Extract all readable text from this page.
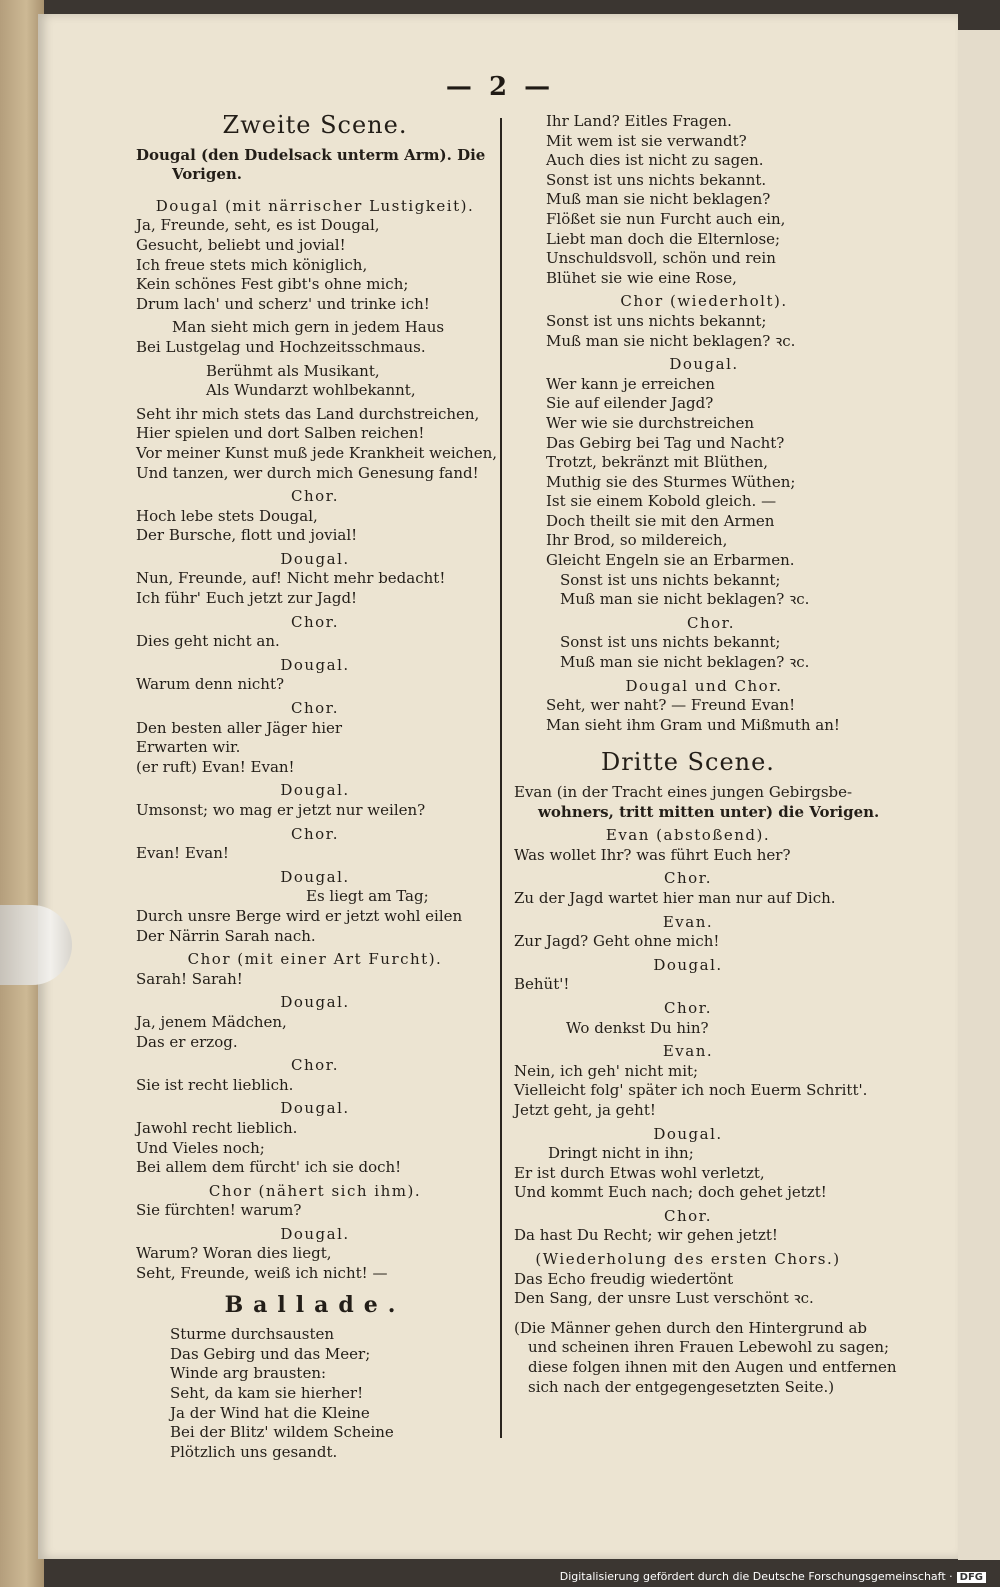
— 2 —
Zweite Scene.
Dougal (den Dudelsack unterm Arm). Die
Vorigen.
Dougal (mit närrischer Lustigkeit).
Ja, Freunde, seht, es ist Dougal,
Gesucht, beliebt und jovial!
Ich freue stets mich königlich,
Kein schönes Fest gibt's ohne mich;
Drum lach' und scherz' und trinke ich!
Man sieht mich gern in jedem Haus
Bei Lustgelag und Hochzeitsschmaus.
Berühmt als Musikant,
Als Wundarzt wohlbekannt,
Seht ihr mich stets das Land durchstreichen,
Hier spielen und dort Salben reichen!
Vor meiner Kunst muß jede Krankheit weichen,
Und tanzen, wer durch mich Genesung fand!
Chor.
Hoch lebe stets Dougal,
Der Bursche, flott und jovial!
Dougal.
Nun, Freunde, auf! Nicht mehr bedacht!
Ich führ' Euch jetzt zur Jagd!
Chor.
Dies geht nicht an.
Dougal.
Warum denn nicht?
Chor.
Den besten aller Jäger hier
Erwarten wir.
(er ruft) Evan! Evan!
Dougal.
Umsonst; wo mag er jetzt nur weilen?
Chor.
Evan! Evan!
Dougal.
Es liegt am Tag;
Durch unsre Berge wird er jetzt wohl eilen
Der Närrin Sarah nach.
Chor (mit einer Art Furcht).
Sarah! Sarah!
Dougal.
Ja, jenem Mädchen,
Das er erzog.
Chor.
Sie ist recht lieblich.
Dougal.
Jawohl recht lieblich.
Und Vieles noch;
Bei allem dem fürcht' ich sie doch!
Chor (nähert sich ihm).
Sie fürchten! warum?
Dougal.
Warum? Woran dies liegt,
Seht, Freunde, weiß ich nicht! —
Ballade.
Sturme durchsausten
Das Gebirg und das Meer;
Winde arg brausten:
Seht, da kam sie hierher!
Ja der Wind hat die Kleine
Bei der Blitz' wildem Scheine
Plötzlich uns gesandt.
Ihr Land? Eitles Fragen.
Mit wem ist sie verwandt?
Auch dies ist nicht zu sagen.
Sonst ist uns nichts bekannt.
Muß man sie nicht beklagen?
Flößet sie nun Furcht auch ein,
Liebt man doch die Elternlose;
Unschuldsvoll, schön und rein
Blühet sie wie eine Rose,
Chor (wiederholt).
Sonst ist uns nichts bekannt;
Muß man sie nicht beklagen? ꝛc.
Dougal.
Wer kann je erreichen
Sie auf eilender Jagd?
Wer wie sie durchstreichen
Das Gebirg bei Tag und Nacht?
Trotzt, bekränzt mit Blüthen,
Muthig sie des Sturmes Wüthen;
Ist sie einem Kobold gleich. —
Doch theilt sie mit den Armen
Ihr Brod, so mildereich,
Gleicht Engeln sie an Erbarmen.
Sonst ist uns nichts bekannt;
Muß man sie nicht beklagen? ꝛc.
Chor.
Sonst ist uns nichts bekannt;
Muß man sie nicht beklagen? ꝛc.
Dougal und Chor.
Seht, wer naht? — Freund Evan!
Man sieht ihm Gram und Mißmuth an!
Dritte Scene.
Evan (in der Tracht eines jungen Gebirgsbe-
wohners, tritt mitten unter) die Vorigen.
Evan (abstoßend).
Was wollet Ihr? was führt Euch her?
Chor.
Zu der Jagd wartet hier man nur auf Dich.
Evan.
Zur Jagd? Geht ohne mich!
Dougal.
Behüt'!
Chor.
Wo denkst Du hin?
Evan.
Nein, ich geh' nicht mit;
Vielleicht folg' später ich noch Euerm Schritt'.
Jetzt geht, ja geht!
Dougal.
Dringt nicht in ihn;
Er ist durch Etwas wohl verletzt,
Und kommt Euch nach; doch gehet jetzt!
Chor.
Da hast Du Recht; wir gehen jetzt!
(Wiederholung des ersten Chors.)
Das Echo freudig wiedertönt
Den Sang, der unsre Lust verschönt ꝛc.
(Die Männer gehen durch den Hintergrund ab
und scheinen ihren Frauen Lebewohl zu sagen;
diese folgen ihnen mit den Augen und entfernen
sich nach der entgegengesetzten Seite.)
Digitalisierung gefördert durch die Deutsche Forschungsgemeinschaft · DFG
